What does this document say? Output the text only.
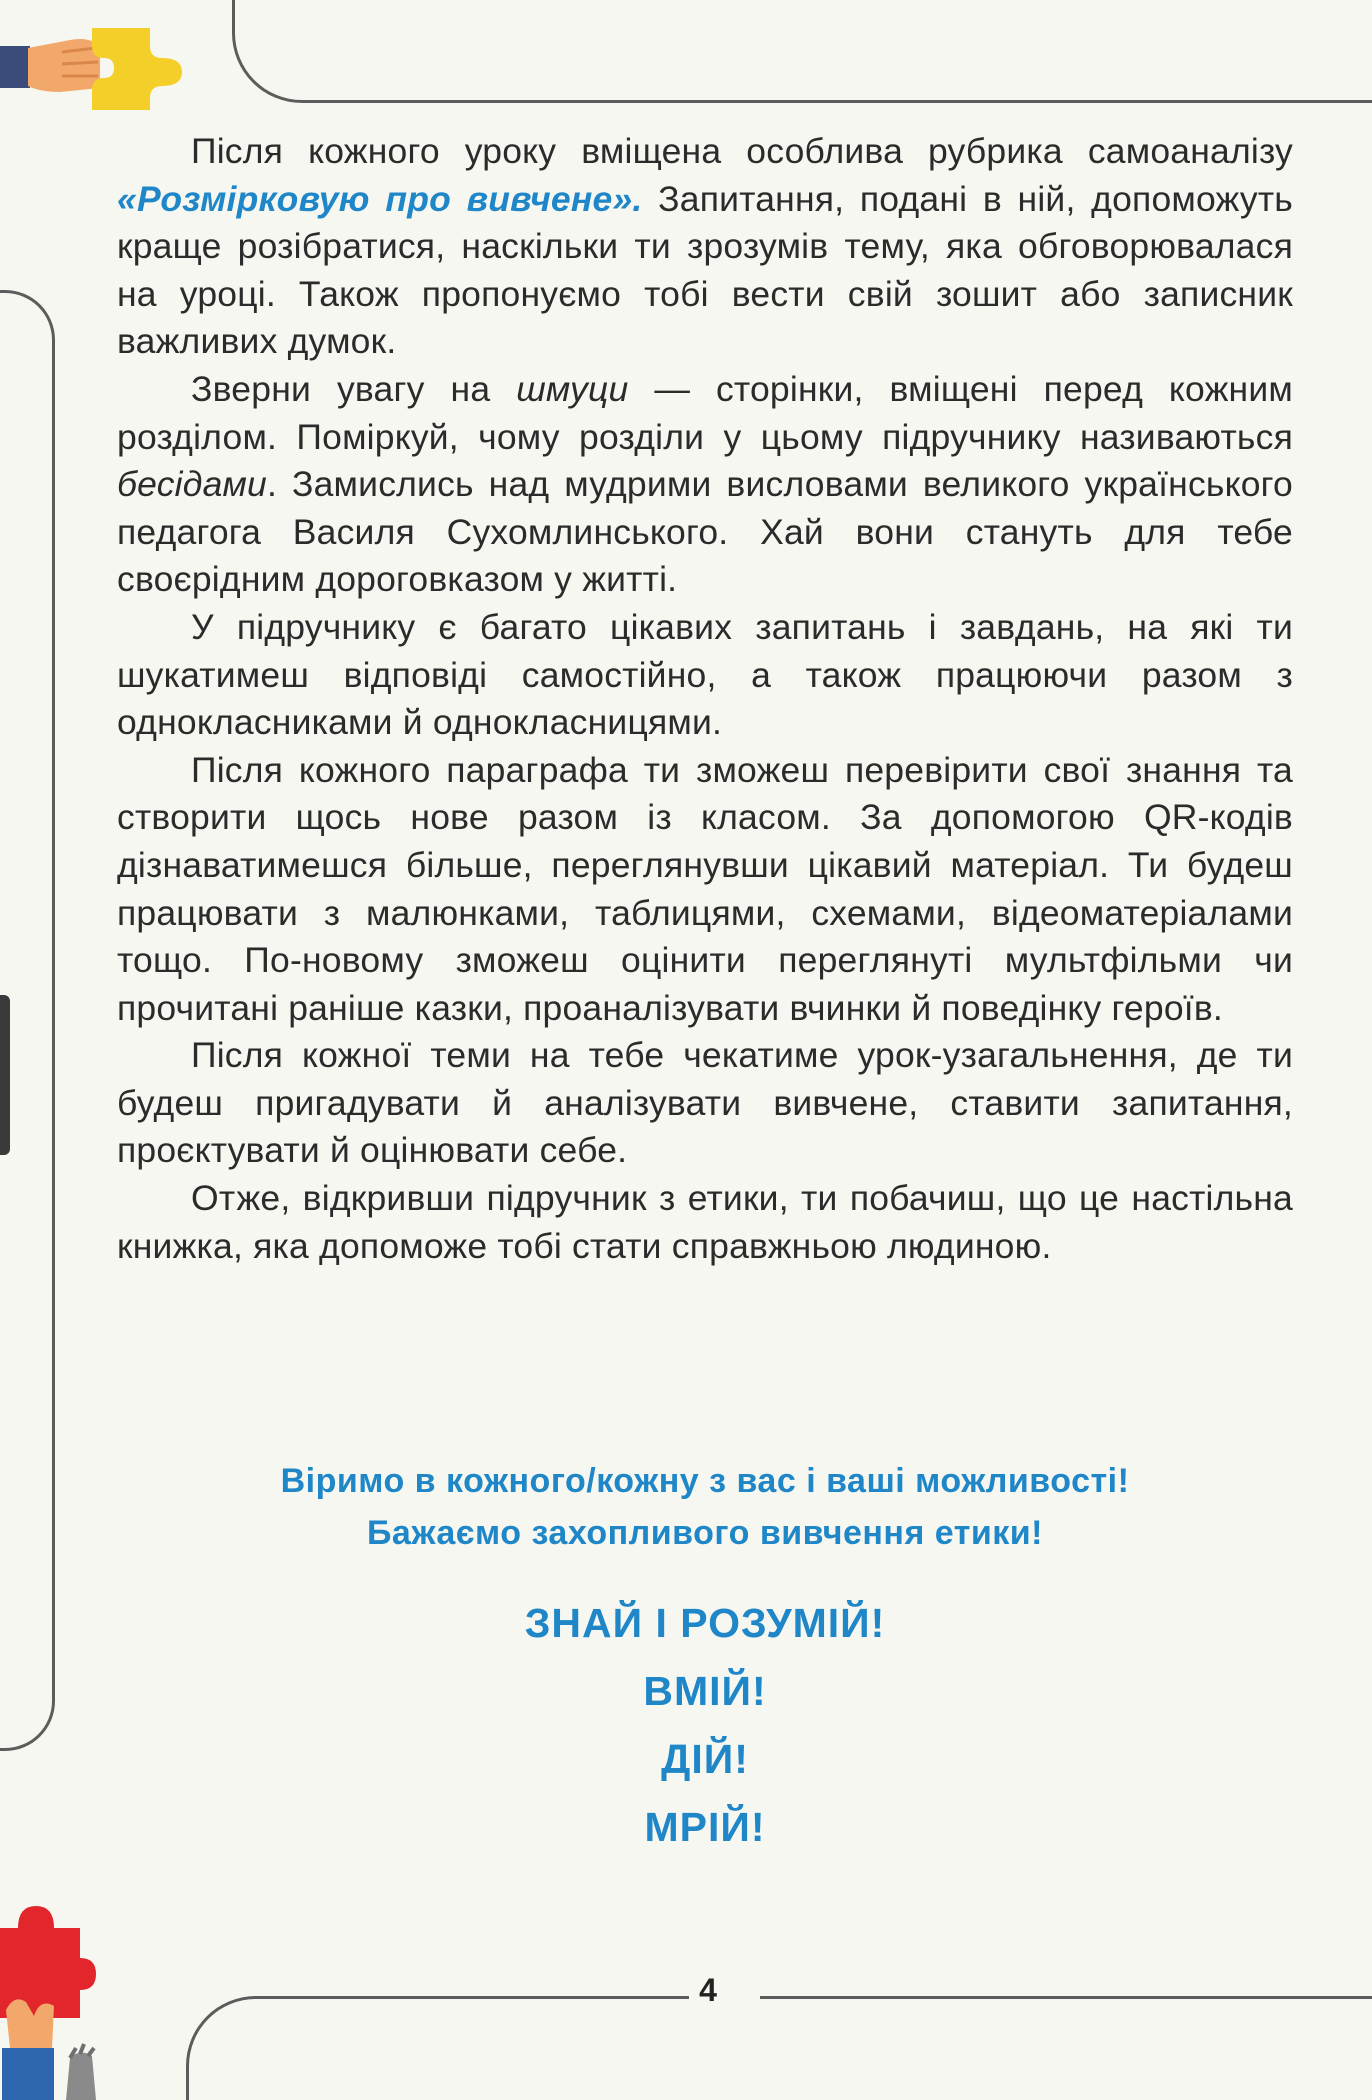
Після кожного уроку вміщена особлива рубрика самоаналізу «Розмірковую про вивчене». Запитання, подані в ній, допоможуть краще розібратися, наскільки ти зрозумів тему, яка обговорювалася на уроці. Також пропонуємо тобі вести свій зошит або записник важливих думок.

Зверни увагу на шмуци — сторінки, вміщені перед кожним розділом. Поміркуй, чому розділи у цьому підручнику називаються бесідами. Замислись над мудрими висловами великого українського педагога Василя Сухомлинського. Хай вони стануть для тебе своєрідним дороговказом у житті.

У підручнику є багато цікавих запитань і завдань, на які ти шукатимеш відповіді самостійно, а також працюючи разом з однокласниками й однокласницями.

Після кожного параграфа ти зможеш перевірити свої знання та створити щось нове разом із класом. За допомогою QR-кодів дізнаватимешся більше, переглянувши цікавий матеріал. Ти будеш працювати з малюнками, таблицями, схемами, відеоматеріалами тощо. По-новому зможеш оцінити переглянуті мультфільми чи прочитані раніше казки, проаналізувати вчинки й поведінку героїв.

Після кожної теми на тебе чекатиме урок-узагальнення, де ти будеш пригадувати й аналізувати вивчене, ставити запитання, проєктувати й оцінювати себе.

Отже, відкривши підручник з етики, ти побачиш, що це настільна книжка, яка допоможе тобі стати справжньою людиною.

Віримо в кожного/кожну з вас і ваші можливості!

Бажаємо захопливого вивчення етики!

ЗНАЙ І РОЗУМІЙ!

ВМІЙ!

ДІЙ!

МРІЙ!

4
